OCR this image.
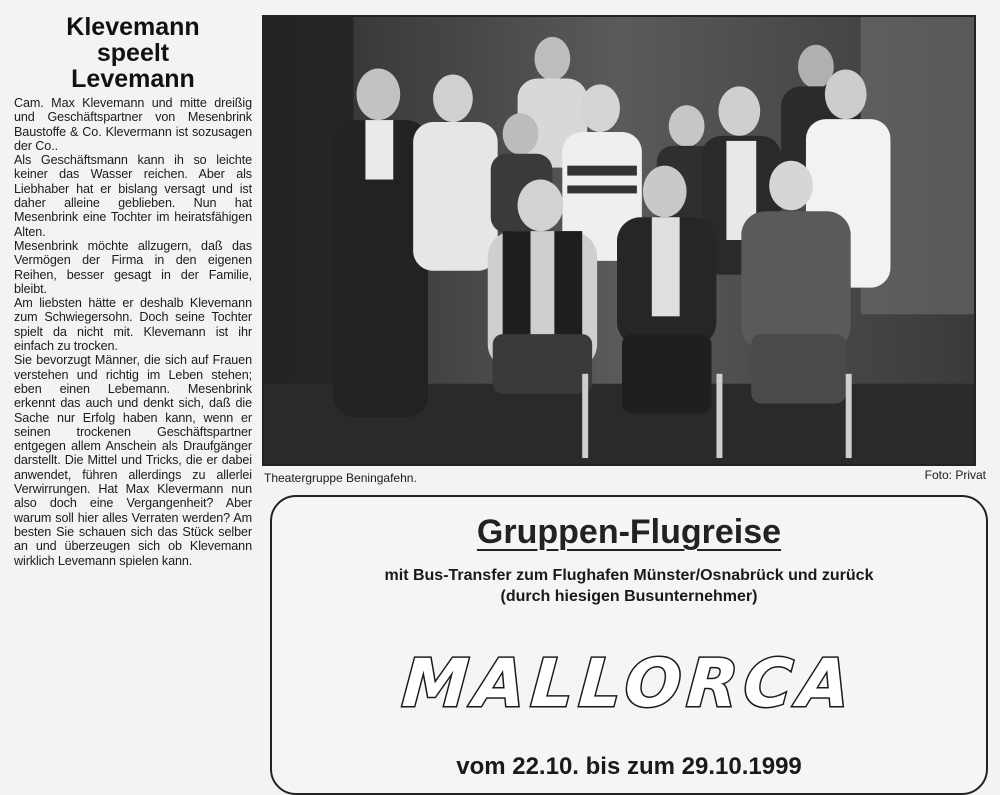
Klevemann
speelt
Levemann

Cam. Max Klevemann und mitte dreißig und Geschäftspartner von Mesenbrink Baustoffe & Co. Klevermann ist sozusagen der Co..

Als Geschäftsmann kann ih so leichte keiner das Wasser reichen. Aber als Liebhaber hat er bislang versagt und ist daher alleine geblieben. Nun hat Mesenbrink eine Tochter im heiratsfähigen Alten.

Mesenbrink möchte allzugern, daß das Vermögen der Firma in den eigenen Reihen, besser gesagt in der Familie, bleibt.

Am liebsten hätte er deshalb Klevemann zum Schwiegersohn. Doch seine Tochter spielt da nicht mit. Klevemann ist ihr einfach zu trocken.

Sie bevorzugt Männer, die sich auf Frauen verstehen und richtig im Leben stehen; eben einen Lebemann. Mesenbrink erkennt das auch und denkt sich, daß die Sache nur Erfolg haben kann, wenn er seinen trockenen Geschäftspartner entgegen allem Anschein als Draufgänger darstellt. Die Mittel und Tricks, die er dabei anwendet, führen allerdings zu allerlei Verwirrungen. Hat Max Klevermann nun also doch eine Vergangenheit? Aber warum soll hier alles Verraten werden? Am besten Sie schauen sich das Stück selber an und überzeugen sich ob Klevemann wirklich Levemann spielen kann.

Theatergruppe Beningafehn.	Foto: Privat
Gruppen-Flugreise
mit Bus-Transfer zum Flughafen Münster/Osnabrück und zurück
(durch hiesigen Busunternehmer)
MALLORCA
vom 22.10. bis zum 29.10.1999
